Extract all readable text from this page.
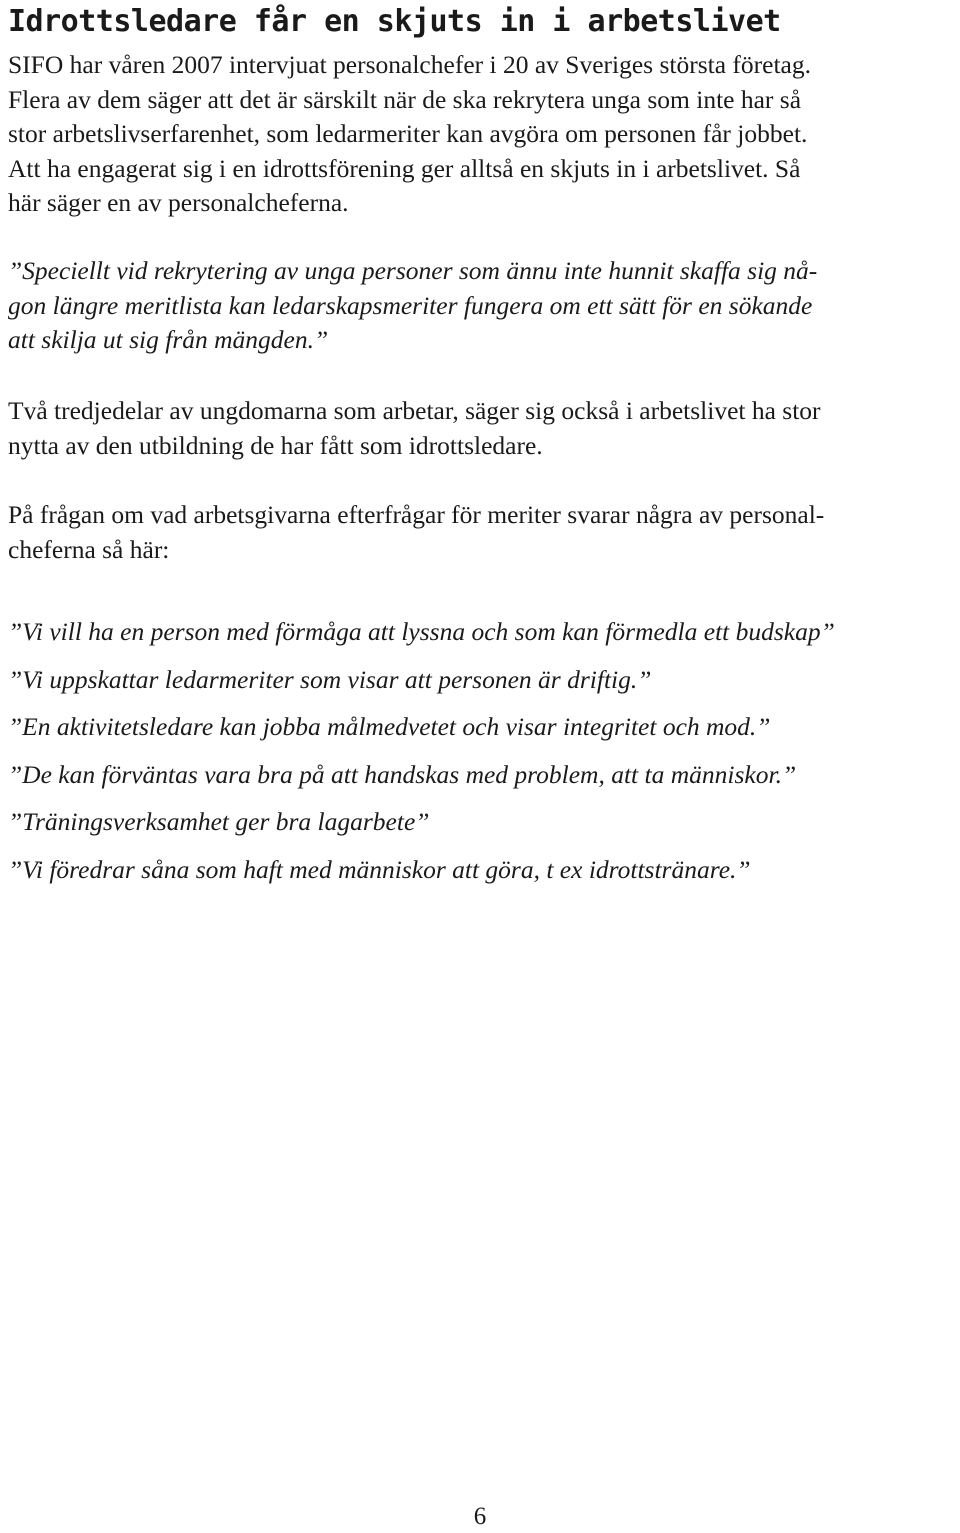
Idrottsledare får en skjuts in i arbetslivet

SIFO har våren 2007 intervjuat personalchefer i 20 av Sveriges största företag.
Flera av dem säger att det är särskilt när de ska rekrytera unga som inte har så
stor arbetslivserfarenhet, som ledarmeriter kan avgöra om personen får jobbet.
Att ha engagerat sig i en idrottsförening ger alltså en skjuts in i arbetslivet. Så
här säger en av personalcheferna.

”Speciellt vid rekrytering av unga personer som ännu inte hunnit skaffa sig nå-
gon längre meritlista kan ledarskapsmeriter fungera om ett sätt för en sökande
att skilja ut sig från mängden.”

Två tredjedelar av ungdomarna som arbetar, säger sig också i arbetslivet ha stor
nytta av den utbildning de har fått som idrottsledare.

På frågan om vad arbetsgivarna efterfrågar för meriter svarar några av personal-
cheferna så här:

”Vi vill ha en person med förmåga att lyssna och som kan förmedla ett budskap”
”Vi uppskattar ledarmeriter som visar att personen är driftig.”
”En aktivitetsledare kan jobba målmedvetet och visar integritet och mod.”
”De kan förväntas vara bra på att handskas med problem, att ta människor.”
”Träningsverksamhet ger bra lagarbete”
”Vi föredrar såna som haft med människor att göra, t ex idrottstränare.”
6
